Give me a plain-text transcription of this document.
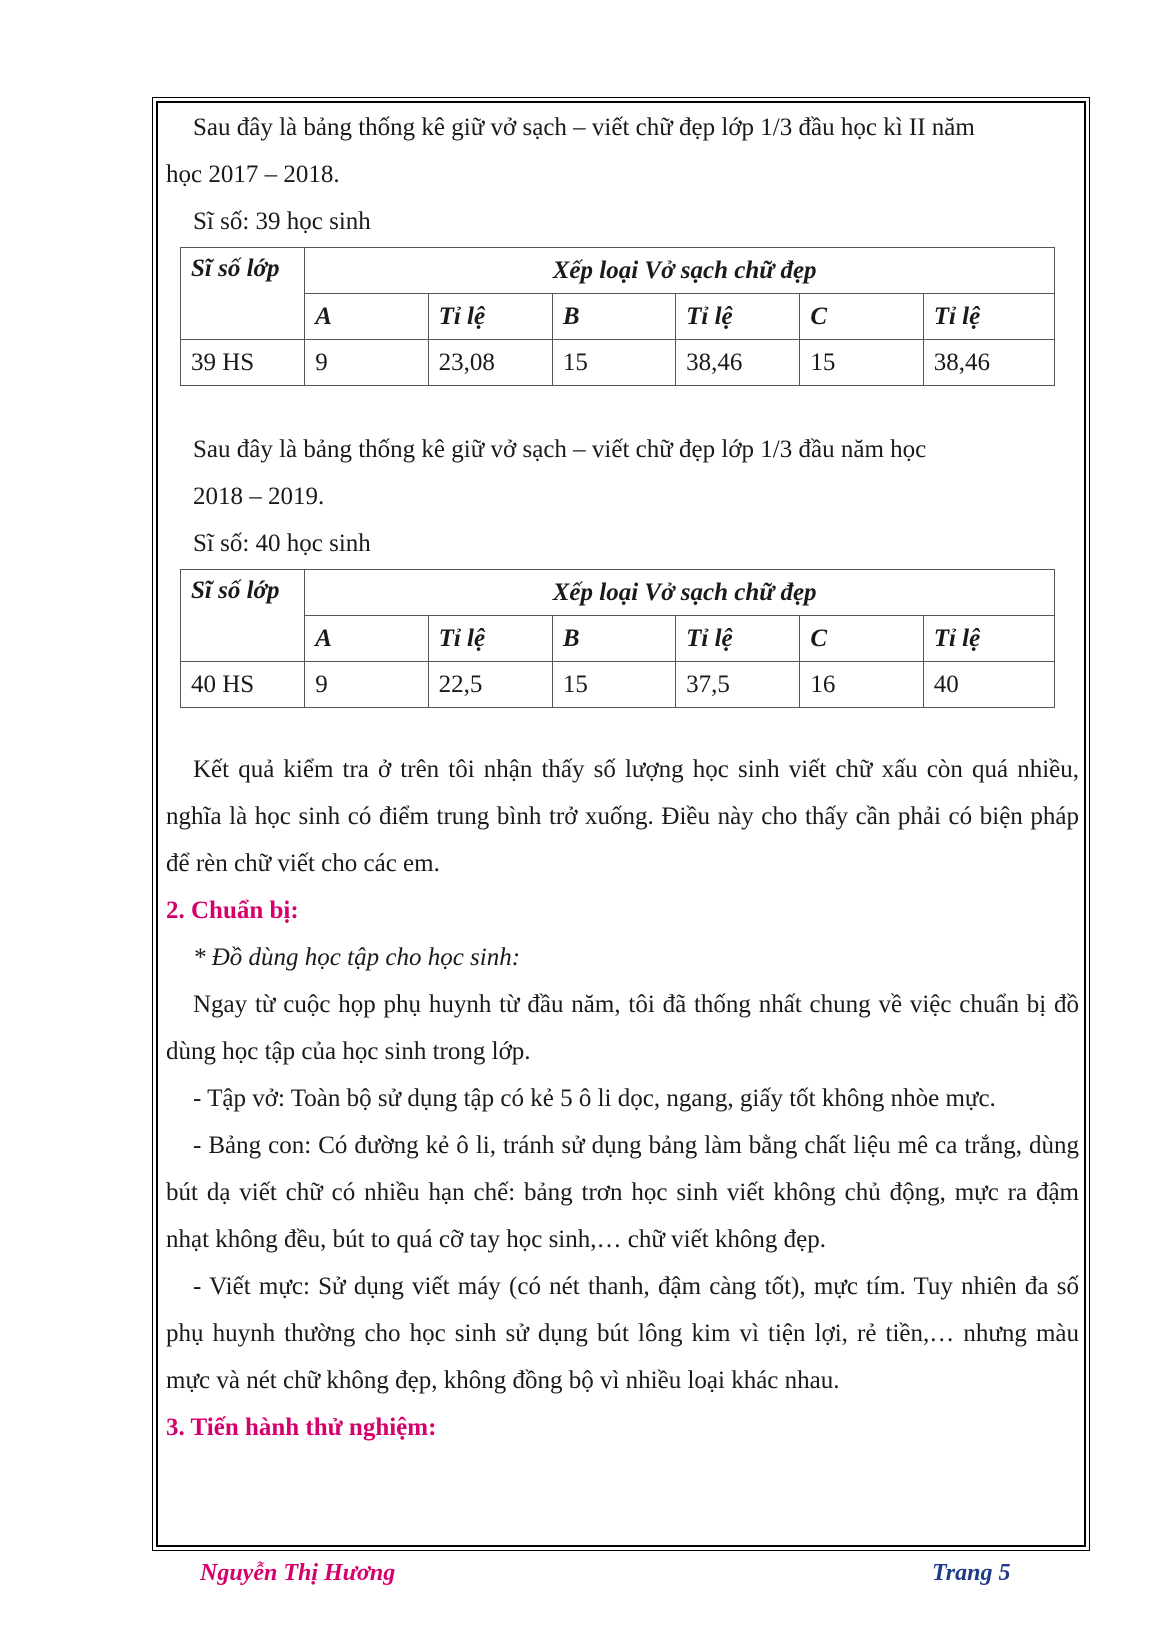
Sau đây là bảng thống kê giữ vở sạch – viết chữ đẹp lớp 1/3 đầu học kì II năm
học 2017 – 2018.

Sĩ số: 39 học sinh

Sĩ số lớp	Xếp loại Vở sạch chữ đẹp					
	A	Tỉ lệ	B	Tỉ lệ	C	Tỉ lệ
39 HS	9	23,08	15	38,46	15	38,46

Sau đây là bảng thống kê giữ vở sạch – viết chữ đẹp lớp 1/3 đầu năm học
2018 – 2019.

Sĩ số: 40 học sinh

Sĩ số lớp	Xếp loại Vở sạch chữ đẹp					
	A	Tỉ lệ	B	Tỉ lệ	C	Tỉ lệ
40 HS	9	22,5	15	37,5	16	40

Kết quả kiểm tra ở trên tôi nhận thấy số lượng học sinh viết chữ xấu còn quá nhiều, nghĩa là học sinh có điểm trung bình trở xuống. Điều này cho thấy cần phải có biện pháp để rèn chữ viết cho các em.

2. Chuẩn bị:

* Đồ dùng học tập cho học sinh:

Ngay từ cuộc họp phụ huynh từ đầu năm, tôi đã thống nhất chung về việc chuẩn bị đồ dùng học tập của học sinh trong lớp.

- Tập vở: Toàn bộ sử dụng tập có kẻ 5 ô li dọc, ngang, giấy tốt không nhòe mực.

- Bảng con: Có đường kẻ ô li, tránh sử dụng bảng làm bằng chất liệu mê ca trắng, dùng bút dạ viết chữ có nhiều hạn chế: bảng trơn học sinh viết không chủ động, mực ra đậm nhạt không đều, bút to quá cỡ tay học sinh,… chữ viết không đẹp.

- Viết mực: Sử dụng viết máy (có nét thanh, đậm càng tốt), mực tím. Tuy nhiên đa số phụ huynh thường cho học sinh sử dụng bút lông kim vì tiện lợi, rẻ tiền,… nhưng màu mực và nét chữ không đẹp, không đồng bộ vì nhiều loại khác nhau.

3. Tiến hành thử nghiệm:

Nguyễn Thị Hương	Trang 5
